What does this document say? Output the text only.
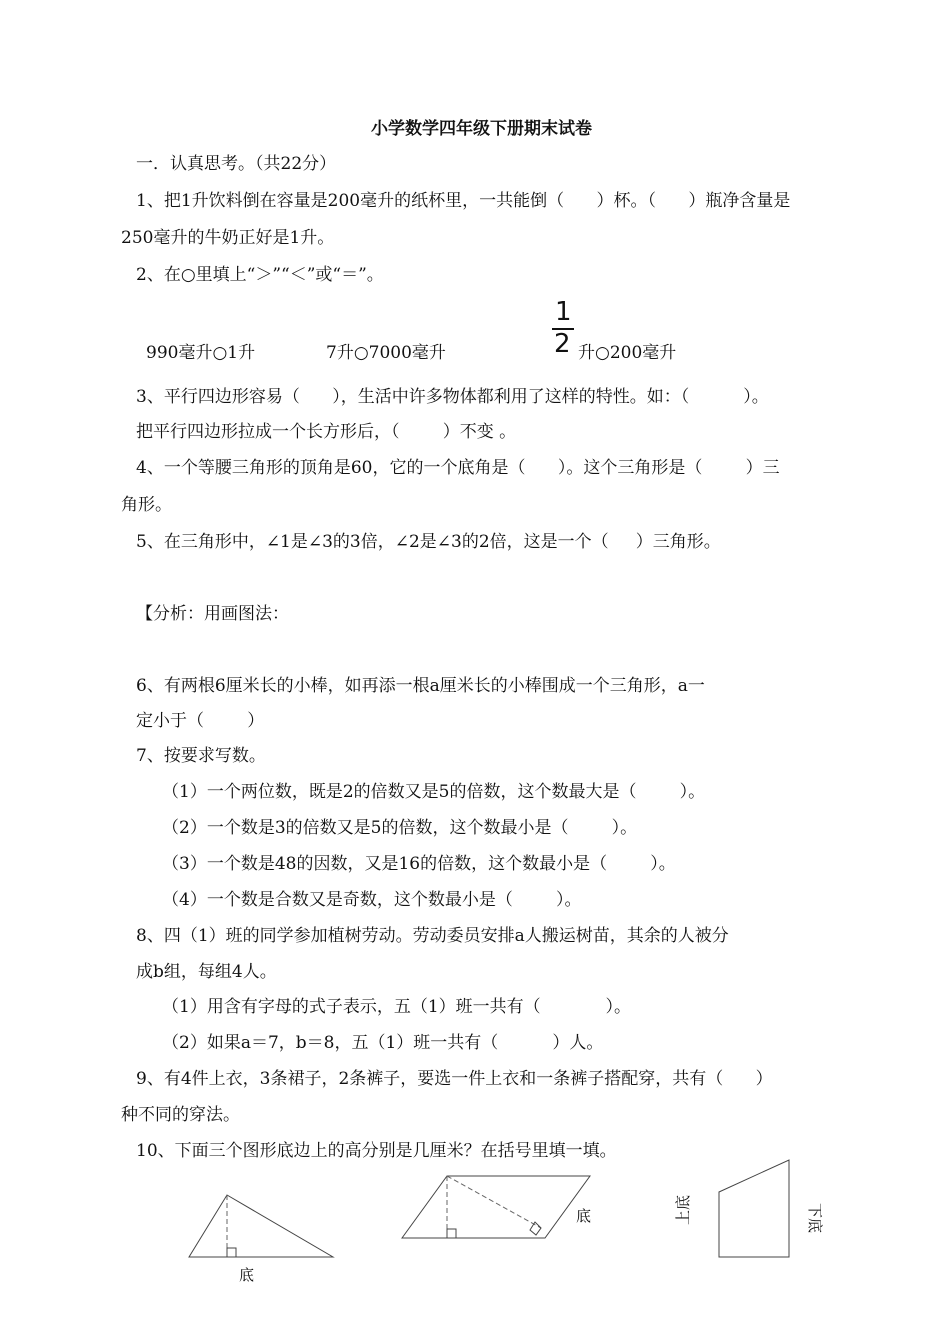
小学数学四年级下册期末试卷
一．认真思考。（共22分）
1、把1升饮料倒在容量是200毫升的纸杯里，一共能倒（      ）杯。（      ）瓶净含量是
250毫升的牛奶正好是1升。
2、在○里填上“＞”“＜”或“＝”。
990毫升○1升	7升○7000毫升
1
2 升○200毫升
3、平行四边形容易（      ），生活中许多物体都利用了这样的特性。如：（          ）。
把平行四边形拉成一个长方形后，（        ）不变 。
4、一个等腰三角形的顶角是60，它的一个底角是（      ）。这个三角形是（        ）三
角形。
5、在三角形中，∠1是∠3的3倍，∠2是∠3的2倍，这是一个（     ）三角形。
【分析：用画图法：
6、有两根6厘米长的小棒，如再添一根a厘米长的小棒围成一个三角形，a一
定小于（        ）
7、按要求写数。
（1）一个两位数，既是2的倍数又是5的倍数，这个数最大是（        ）。
（2）一个数是3的倍数又是5的倍数，这个数最小是（        ）。
（3）一个数是48的因数，又是16的倍数，这个数最小是（        ）。
（4）一个数是合数又是奇数，这个数最小是（        ）。
8、四（1）班的同学参加植树劳动。劳动委员安排a人搬运树苗，其余的人被分
成b组，每组4人。
（1）用含有字母的式子表示，五（1）班一共有（            ）。
（2）如果a＝7，b＝8，五（1）班一共有（          ）人。
9、有4件上衣，3条裙子，2条裤子，要选一件上衣和一条裤子搭配穿，共有（      ）
种不同的穿法。
10、下面三个图形底边上的高分别是几厘米？在括号里填一填。
底
底	上底	下底
